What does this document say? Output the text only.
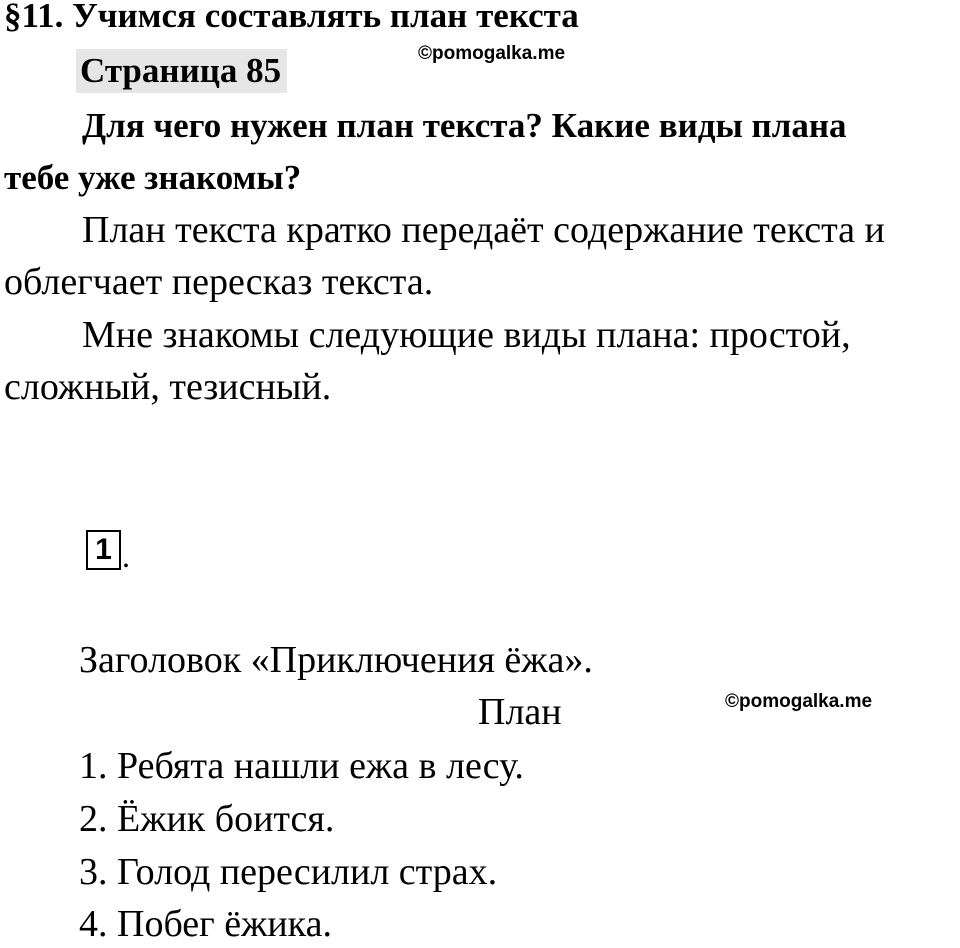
§11. Учимся составлять план текста
Страница 85	©pomogalka.me
Для чего нужен план текста? Какие виды плана
тебе уже знакомы?
План текста кратко передаёт содержание текста и
облегчает пересказ текста.
Мне знакомы следующие виды плана: простой,
сложный, тезисный.
1 .
Заголовок «Приключения ёжа».
План	©pomogalka.me
1. Ребята нашли ежа в лесу.
2. Ёжик боится.
3. Голод пересилил страх.
4. Побег ёжика.
